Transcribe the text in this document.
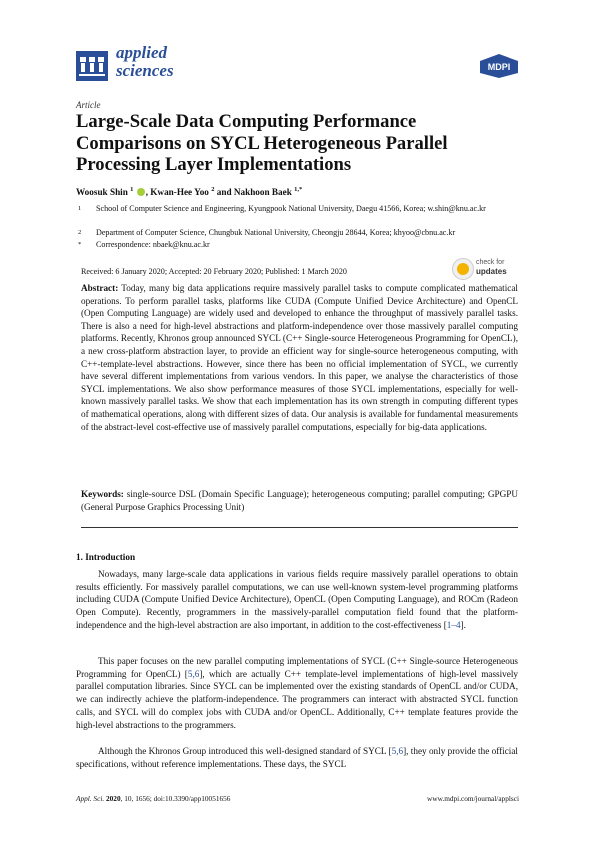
applied
sciences	MDPI
Article
Large-Scale Data Computing Performance Comparisons on SYCL Heterogeneous Parallel Processing Layer Implementations
Woosuk Shin $^1$ , Kwan-Hee Yoo $^2$ and Nakhoon Baek $^{1,*}$
1 School of Computer Science and Engineering, Kyungpook National University, Daegu 41566, Korea; w.shin@knu.ac.kr
2 Department of Computer Science, Chungbuk National University, Cheongju 28644, Korea; khyoo@cbnu.ac.kr
* Correspondence: nbaek@knu.ac.kr
Received: 6 January 2020; Accepted: 20 February 2020; Published: 1 March 2020
check for
updates
Abstract: Today, many big data applications require massively parallel tasks to compute complicated mathematical operations. To perform parallel tasks, platforms like CUDA (Compute Unified Device Architecture) and OpenCL (Open Computing Language) are widely used and developed to enhance the throughput of massively parallel tasks. There is also a need for high-level abstractions and platform-independence over those massively parallel computing platforms. Recently, Khronos group announced SYCL (C++ Single-source Heterogeneous Programming for OpenCL), a new cross-platform abstraction layer, to provide an efficient way for single-source heterogeneous computing, with C++-template-level abstractions. However, since there has been no official implementation of SYCL, we currently have several different implementations from various vendors. In this paper, we analyse the characteristics of those SYCL implementations. We also show performance measures of those SYCL implementations, especially for well-known massively parallel tasks. We show that each implementation has its own strength in computing different types of mathematical operations, along with different sizes of data. Our analysis is available for fundamental measurements of the abstract-level cost-effective use of massively parallel computations, especially for big-data applications.
Keywords: single-source DSL (Domain Specific Language); heterogeneous computing; parallel computing; GPGPU (General Purpose Graphics Processing Unit)
1. Introduction
Nowadays, many large-scale data applications in various fields require massively parallel operations to obtain results efficiently. For massively parallel computations, we can use well-known system-level programming platforms including CUDA (Compute Unified Device Architecture), OpenCL (Open Computing Language), and ROCm (Radeon Open Compute). Recently, programmers in the massively-parallel computation field found that the platform-independence and the high-level abstraction are also important, in addition to the cost-effectiveness [1–4].
This paper focuses on the new parallel computing implementations of SYCL (C++ Single-source Heterogeneous Programming for OpenCL) [5,6], which are actually C++ template-level implementations of high-level massively parallel computation libraries. Since SYCL can be implemented over the existing standards of OpenCL and/or CUDA, we can indirectly achieve the platform-independence. The programmers can interact with abstracted SYCL function calls, and SYCL will do complex jobs with CUDA and/or OpenCL. Additionally, C++ template features provide the high-level abstractions to the programmers.
Although the Khronos Group introduced this well-designed standard of SYCL [5,6], they only provide the official specifications, without reference implementations. These days, the SYCL
Appl. Sci. 2020, 10, 1656; doi:10.3390/app10051656	www.mdpi.com/journal/applsci
